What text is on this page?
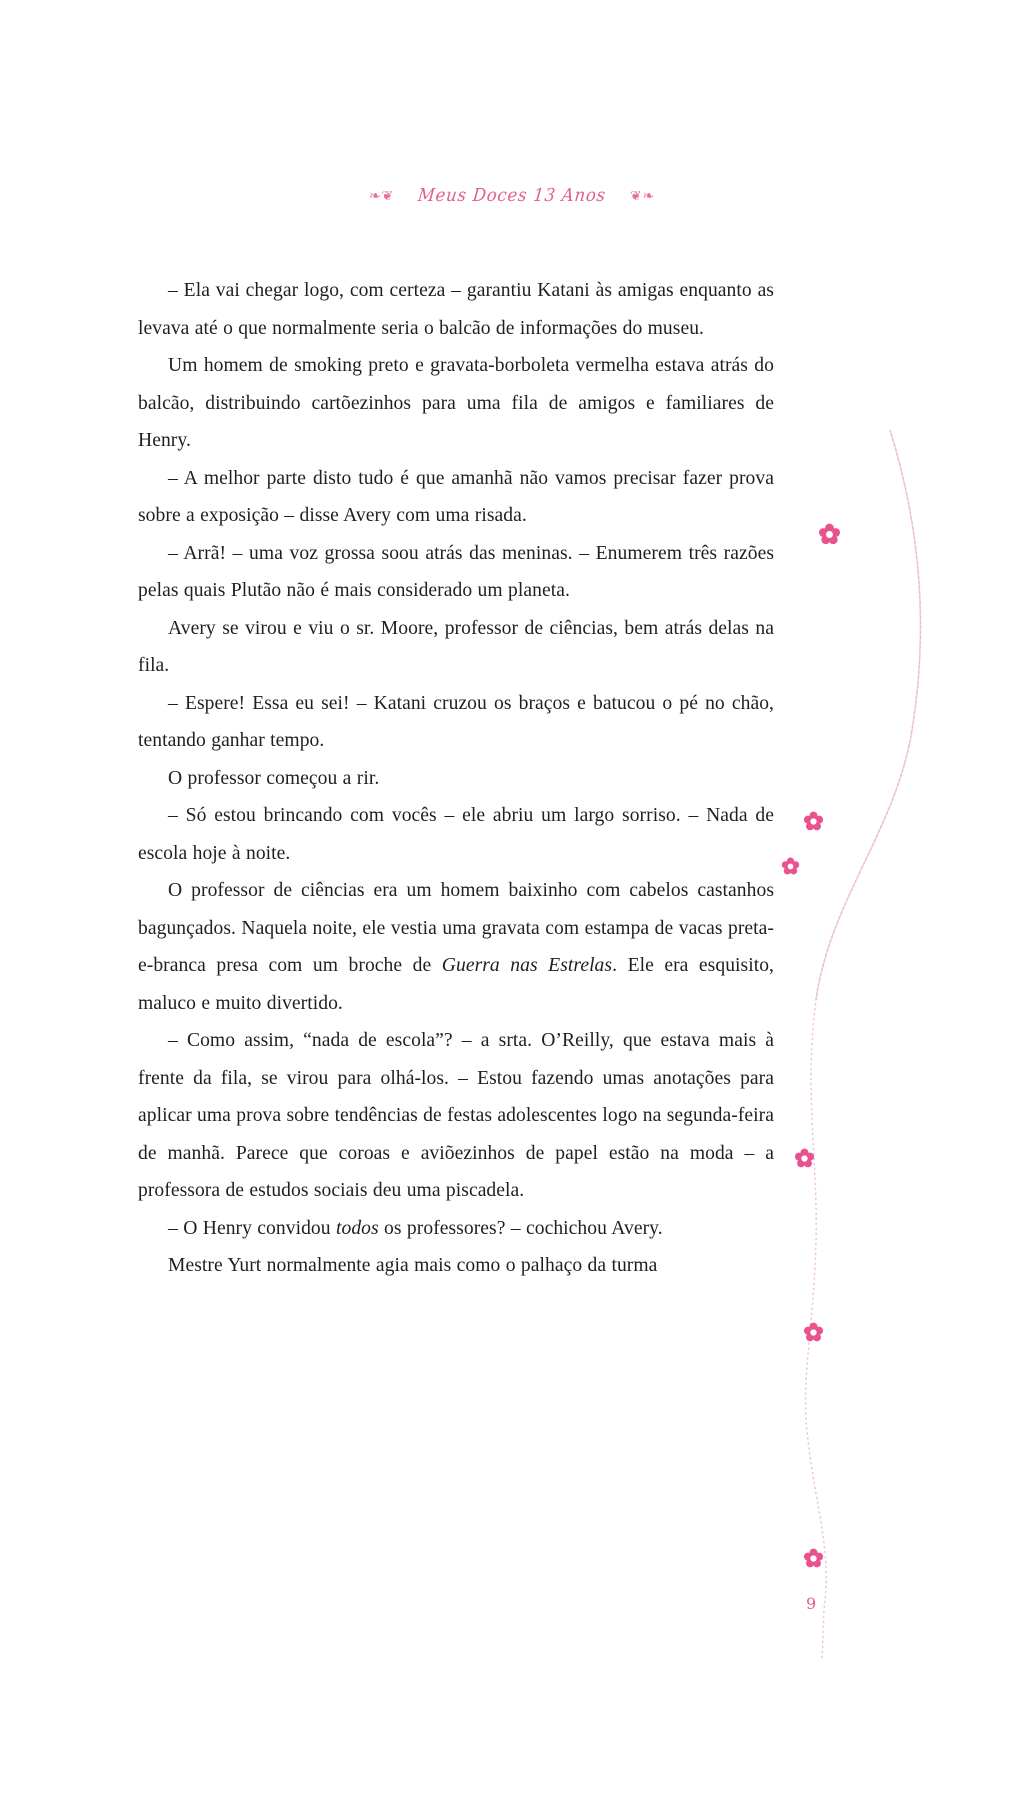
❧❦ Meus Doces 13 Anos ❦❧

– Ela vai chegar logo, com certeza – garantiu Katani às amigas enquanto as levava até o que normalmente seria o balcão de informações do museu.

Um homem de smoking preto e gravata-borboleta vermelha estava atrás do balcão, distribuindo cartõezinhos para uma fila de amigos e familiares de Henry.

– A melhor parte disto tudo é que amanhã não vamos precisar fazer prova sobre a exposição – disse Avery com uma risada.

– Arrã! – uma voz grossa soou atrás das meninas. – Enumerem três razões pelas quais Plutão não é mais considerado um planeta.

Avery se virou e viu o sr. Moore, professor de ciências, bem atrás delas na fila.

– Espere! Essa eu sei! – Katani cruzou os braços e batucou o pé no chão, tentando ganhar tempo.

O professor começou a rir.

– Só estou brincando com vocês – ele abriu um largo sorriso. – Nada de escola hoje à noite.

O professor de ciências era um homem baixinho com cabelos castanhos bagunçados. Naquela noite, ele vestia uma gravata com estampa de vacas preta-e-branca presa com um broche de Guerra nas Estrelas. Ele era esquisito, maluco e muito divertido.

– Como assim, “nada de escola”? – a srta. O’Reilly, que estava mais à frente da fila, se virou para olhá-los. – Estou fazendo umas anotações para aplicar uma prova sobre tendências de festas adolescentes logo na segunda-feira de manhã. Parece que coroas e aviõezinhos de papel estão na moda – a professora de estudos sociais deu uma piscadela.

– O Henry convidou todos os professores? – cochichou Avery.

Mestre Yurt normalmente agia mais como o palhaço da turma

9
